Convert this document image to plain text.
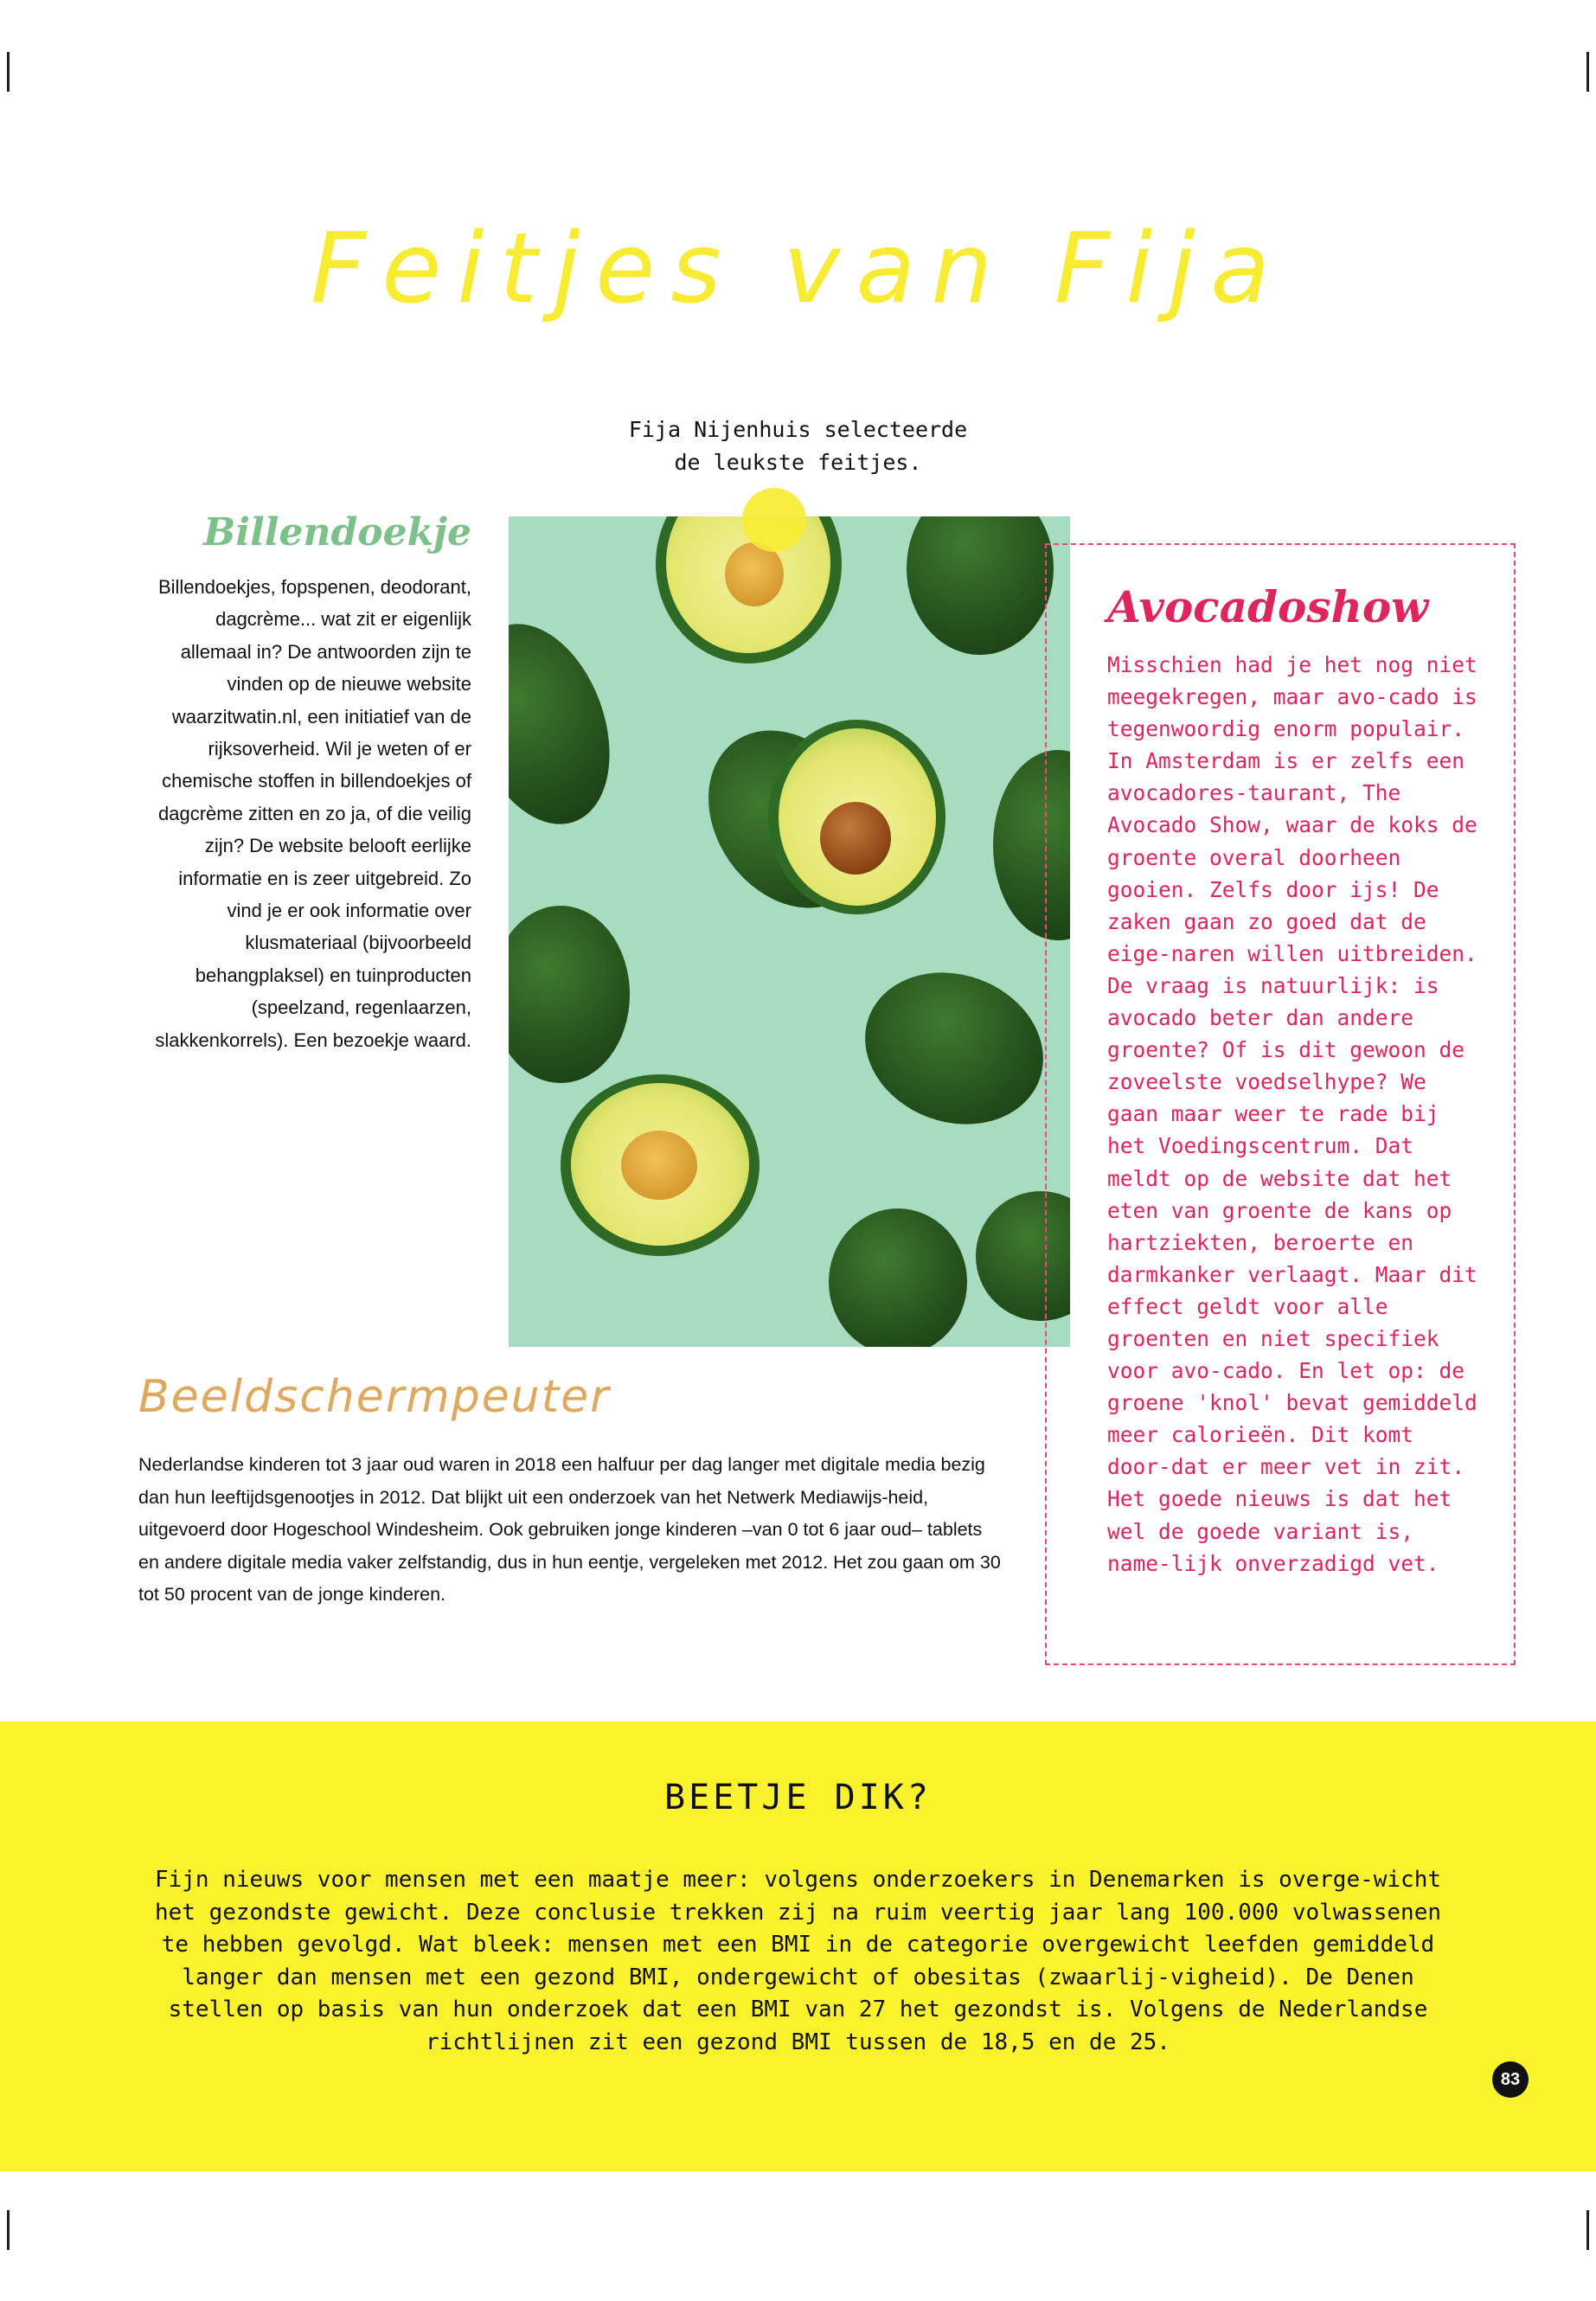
Feitjes van Fija
Fija Nijenhuis selecteerde
de leukste feitjes.
Billendoekje
Billendoekjes, fopspenen, deodorant, dagcrème... wat zit er eigenlijk allemaal in? De antwoorden zijn te vinden op de nieuwe website waarzitwatin.nl, een initiatief van de rijksoverheid. Wil je weten of er chemische stoffen in billendoekjes of dagcrème zitten en zo ja, of die veilig zijn? De website belooft eerlijke informatie en is zeer uitgebreid. Zo vind je er ook informatie over klusmateriaal (bijvoorbeeld behangplaksel) en tuinproducten (speelzand, regenlaarzen, slakkenkorrels). Een bezoekje waard.
Avocadoshow
Misschien had je het nog niet meegekregen, maar avo-cado is tegenwoordig enorm populair. In Amsterdam is er zelfs een avocadores-taurant, The Avocado Show, waar de koks de groente overal doorheen gooien. Zelfs door ijs! De zaken gaan zo goed dat de eige-naren willen uitbreiden. De vraag is natuurlijk: is avocado beter dan andere groente? Of is dit gewoon de zoveelste voedselhype? We gaan maar weer te rade bij het Voedingscentrum. Dat meldt op de website dat het eten van groente de kans op hartziekten, beroerte en darmkanker verlaagt. Maar dit effect geldt voor alle groenten en niet specifiek voor avo-cado. En let op: de groene 'knol' bevat gemiddeld meer calorieën. Dit komt door-dat er meer vet in zit. Het goede nieuws is dat het wel de goede variant is, name-lijk onverzadigd vet.
Beeldschermpeuter
Nederlandse kinderen tot 3 jaar oud waren in 2018 een halfuur per dag langer met digitale media bezig dan hun leeftijdsgenootjes in 2012. Dat blijkt uit een onderzoek van het Netwerk Mediawijs-heid, uitgevoerd door Hogeschool Windesheim. Ook gebruiken jonge kinderen –van 0 tot 6 jaar oud– tablets en andere digitale media vaker zelfstandig, dus in hun eentje, vergeleken met 2012. Het zou gaan om 30 tot 50 procent van de jonge kinderen.
BEETJE DIK?
Fijn nieuws voor mensen met een maatje meer: volgens onderzoekers in Denemarken is overge-wicht het gezondste gewicht. Deze conclusie trekken zij na ruim veertig jaar lang 100.000 volwassenen te hebben gevolgd. Wat bleek: mensen met een BMI in de categorie overgewicht leefden gemiddeld langer dan mensen met een gezond BMI, ondergewicht of obesitas (zwaarlij-vigheid). De Denen stellen op basis van hun onderzoek dat een BMI van 27 het gezondst is. Volgens de Nederlandse richtlijnen zit een gezond BMI tussen de 18,5 en de 25.
83
